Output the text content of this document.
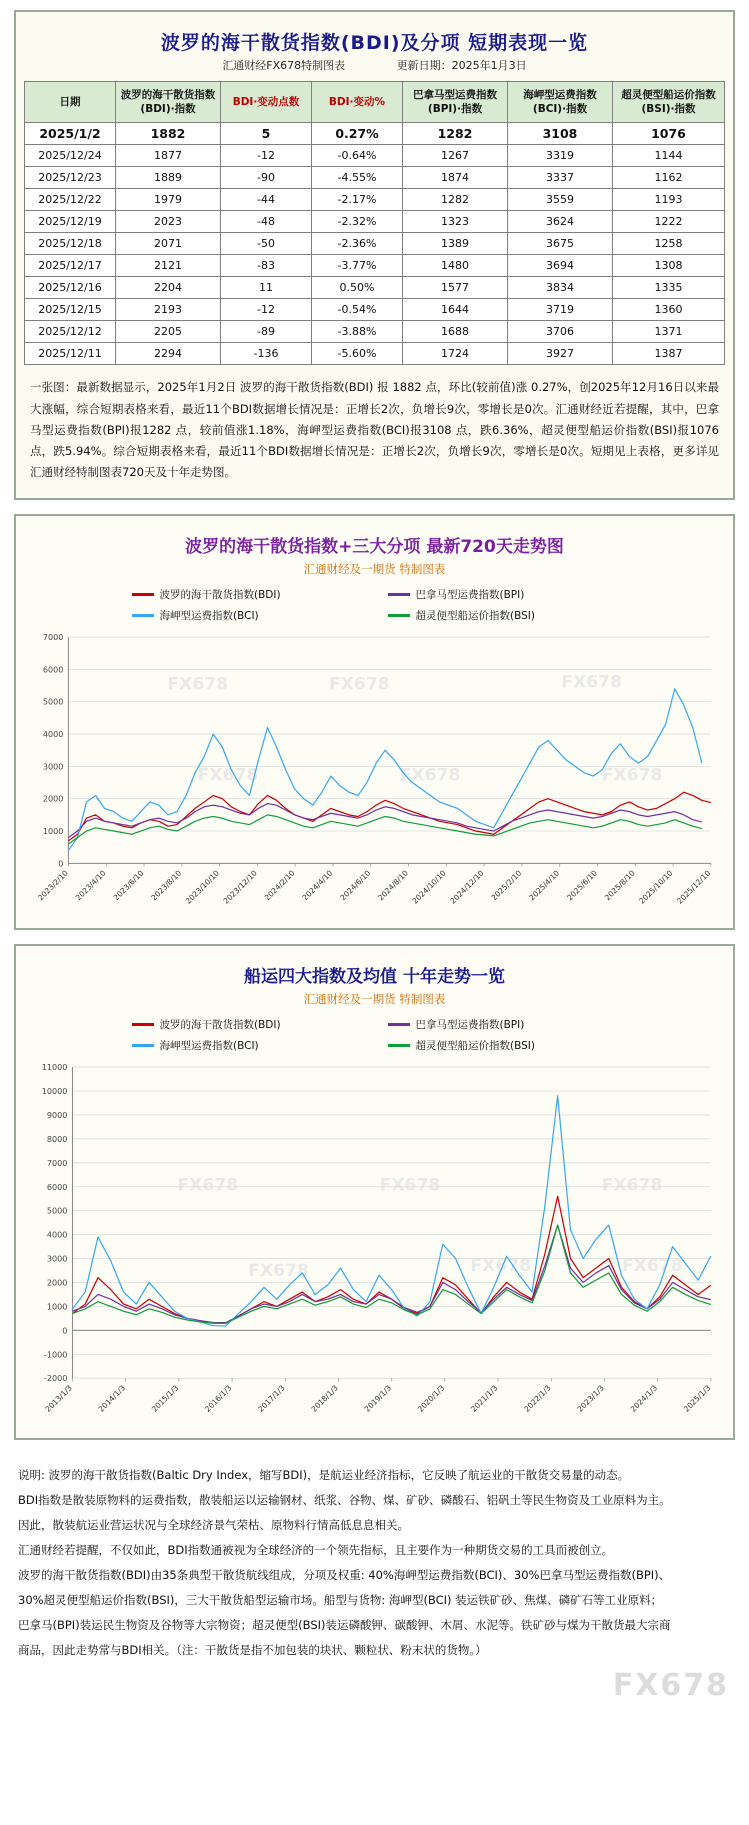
波罗的海干散货指数(BDI)及分项 短期表现一览
汇通财经FX678特制图表	更新日期：2025年1月3日
日期	波罗的海干散货指数(BDI)·指数	BDI·变动点数	BDI·变动%	巴拿马型运费指数(BPI)·指数	海岬型运费指数(BCI)·指数	超灵便型船运价指数(BSI)·指数
2025/1/2	1882	5	0.27%	1282	3108	1076
2025/12/24	1877	-12	-0.64%	1267	3319	1144
2025/12/23	1889	-90	-4.55%	1874	3337	1162
2025/12/22	1979	-44	-2.17%	1282	3559	1193
2025/12/19	2023	-48	-2.32%	1323	3624	1222
2025/12/18	2071	-50	-2.36%	1389	3675	1258
2025/12/17	2121	-83	-3.77%	1480	3694	1308
2025/12/16	2204	11	0.50%	1577	3834	1335
2025/12/15	2193	-12	-0.54%	1644	3719	1360
2025/12/12	2205	-89	-3.88%	1688	3706	1371
2025/12/11	2294	-136	-5.60%	1724	3927	1387
一张图：最新数据显示，2025年1月2日 波罗的海干散货指数(BDI) 报 1882 点，环比(较前值)涨 0.27%，创2025年12月16日以来最大涨幅，综合短期表格来看，最近11个BDI数据增长情况是：正增长2次，负增长9次，零增长是0次。汇通财经近若提醒，其中，巴拿马型运费指数(BPI)报1282 点，较前值涨1.18%，海岬型运费指数(BCI)报3108 点，跌6.36%，超灵便型船运价指数(BSI)报1076 点，跌5.94%。综合短期表格来看，最近11个BDI数据增长情况是：正增长2次，负增长9次，零增长是0次。短期见上表格，更多详见汇通财经特制图表720天及十年走势图。
波罗的海干散货指数+三大分项 最新720天走势图
汇通财经及一期货 特制图表
波罗的海干散货指数(BDI)	巴拿马型运费指数(BPI)
海岬型运费指数(BCI)	超灵便型船运价指数(BSI)
FX678	FX678	FX678
FX678	FX678	FX678
0
1000
2000
3000
4000
5000
6000
7000
2023/2/10 2023/4/10 2023/6/10 2023/8/10 2023/10/10 2023/12/10 2024/2/10 2024/4/10 2024/6/10 2024/8/10 2024/10/10 2024/12/10 2025/2/10 2025/4/10 2025/6/10 2025/8/10 2025/10/10 2025/12/10
船运四大指数及均值 十年走势一览
汇通财经及一期货 特制图表
波罗的海干散货指数(BDI)	巴拿马型运费指数(BPI)
海岬型运费指数(BCI)	超灵便型船运价指数(BSI)
FX678	FX678	FX678
FX678	FX678	FX678
-2000
-1000
0
1000
2000
3000
4000
5000
6000
7000
8000
9000
10000
11000
2013/1/3	2014/1/3	2015/1/3	2016/1/3	2017/1/3	2018/1/3	2019/1/3	2020/1/3	2021/1/3	2022/1/3	2023/1/3	2024/1/3	2025/1/3

说明: 波罗的海干散货指数(Baltic Dry Index，缩写BDI)，是航运业经济指标，它反映了航运业的干散货交易量的动态。

BDI指数是散装原物料的运费指数，散装船运以运输钢材、纸浆、谷物、煤、矿砂、磷酸石、铝矾土等民生物资及工业原料为主。

因此，散装航运业营运状况与全球经济景气荣枯、原物料行情高低息息相关。

汇通财经若提醒，不仅如此，BDI指数通被视为全球经济的一个领先指标，且主要作为一种期货交易的工具而被创立。

波罗的海干散货指数(BDI)由35条典型干散货航线组成，分项及权重: 40%海岬型运费指数(BCI)、30%巴拿马型运费指数(BPI)、

30%超灵便型船运价指数(BSI)，三大干散货船型运输市场。船型与货物: 海岬型(BCI) 装运铁矿砂、焦煤、磷矿石等工业原料；

巴拿马(BPI)装运民生物资及谷物等大宗物资；超灵便型(BSI)装运磷酸钾、碳酸钾、木屑、水泥等。铁矿砂与煤为干散货最大宗商

商品，因此走势常与BDI相关。（注：干散货是指不加包装的块状、颗粒状、粉末状的货物。）

FX678
